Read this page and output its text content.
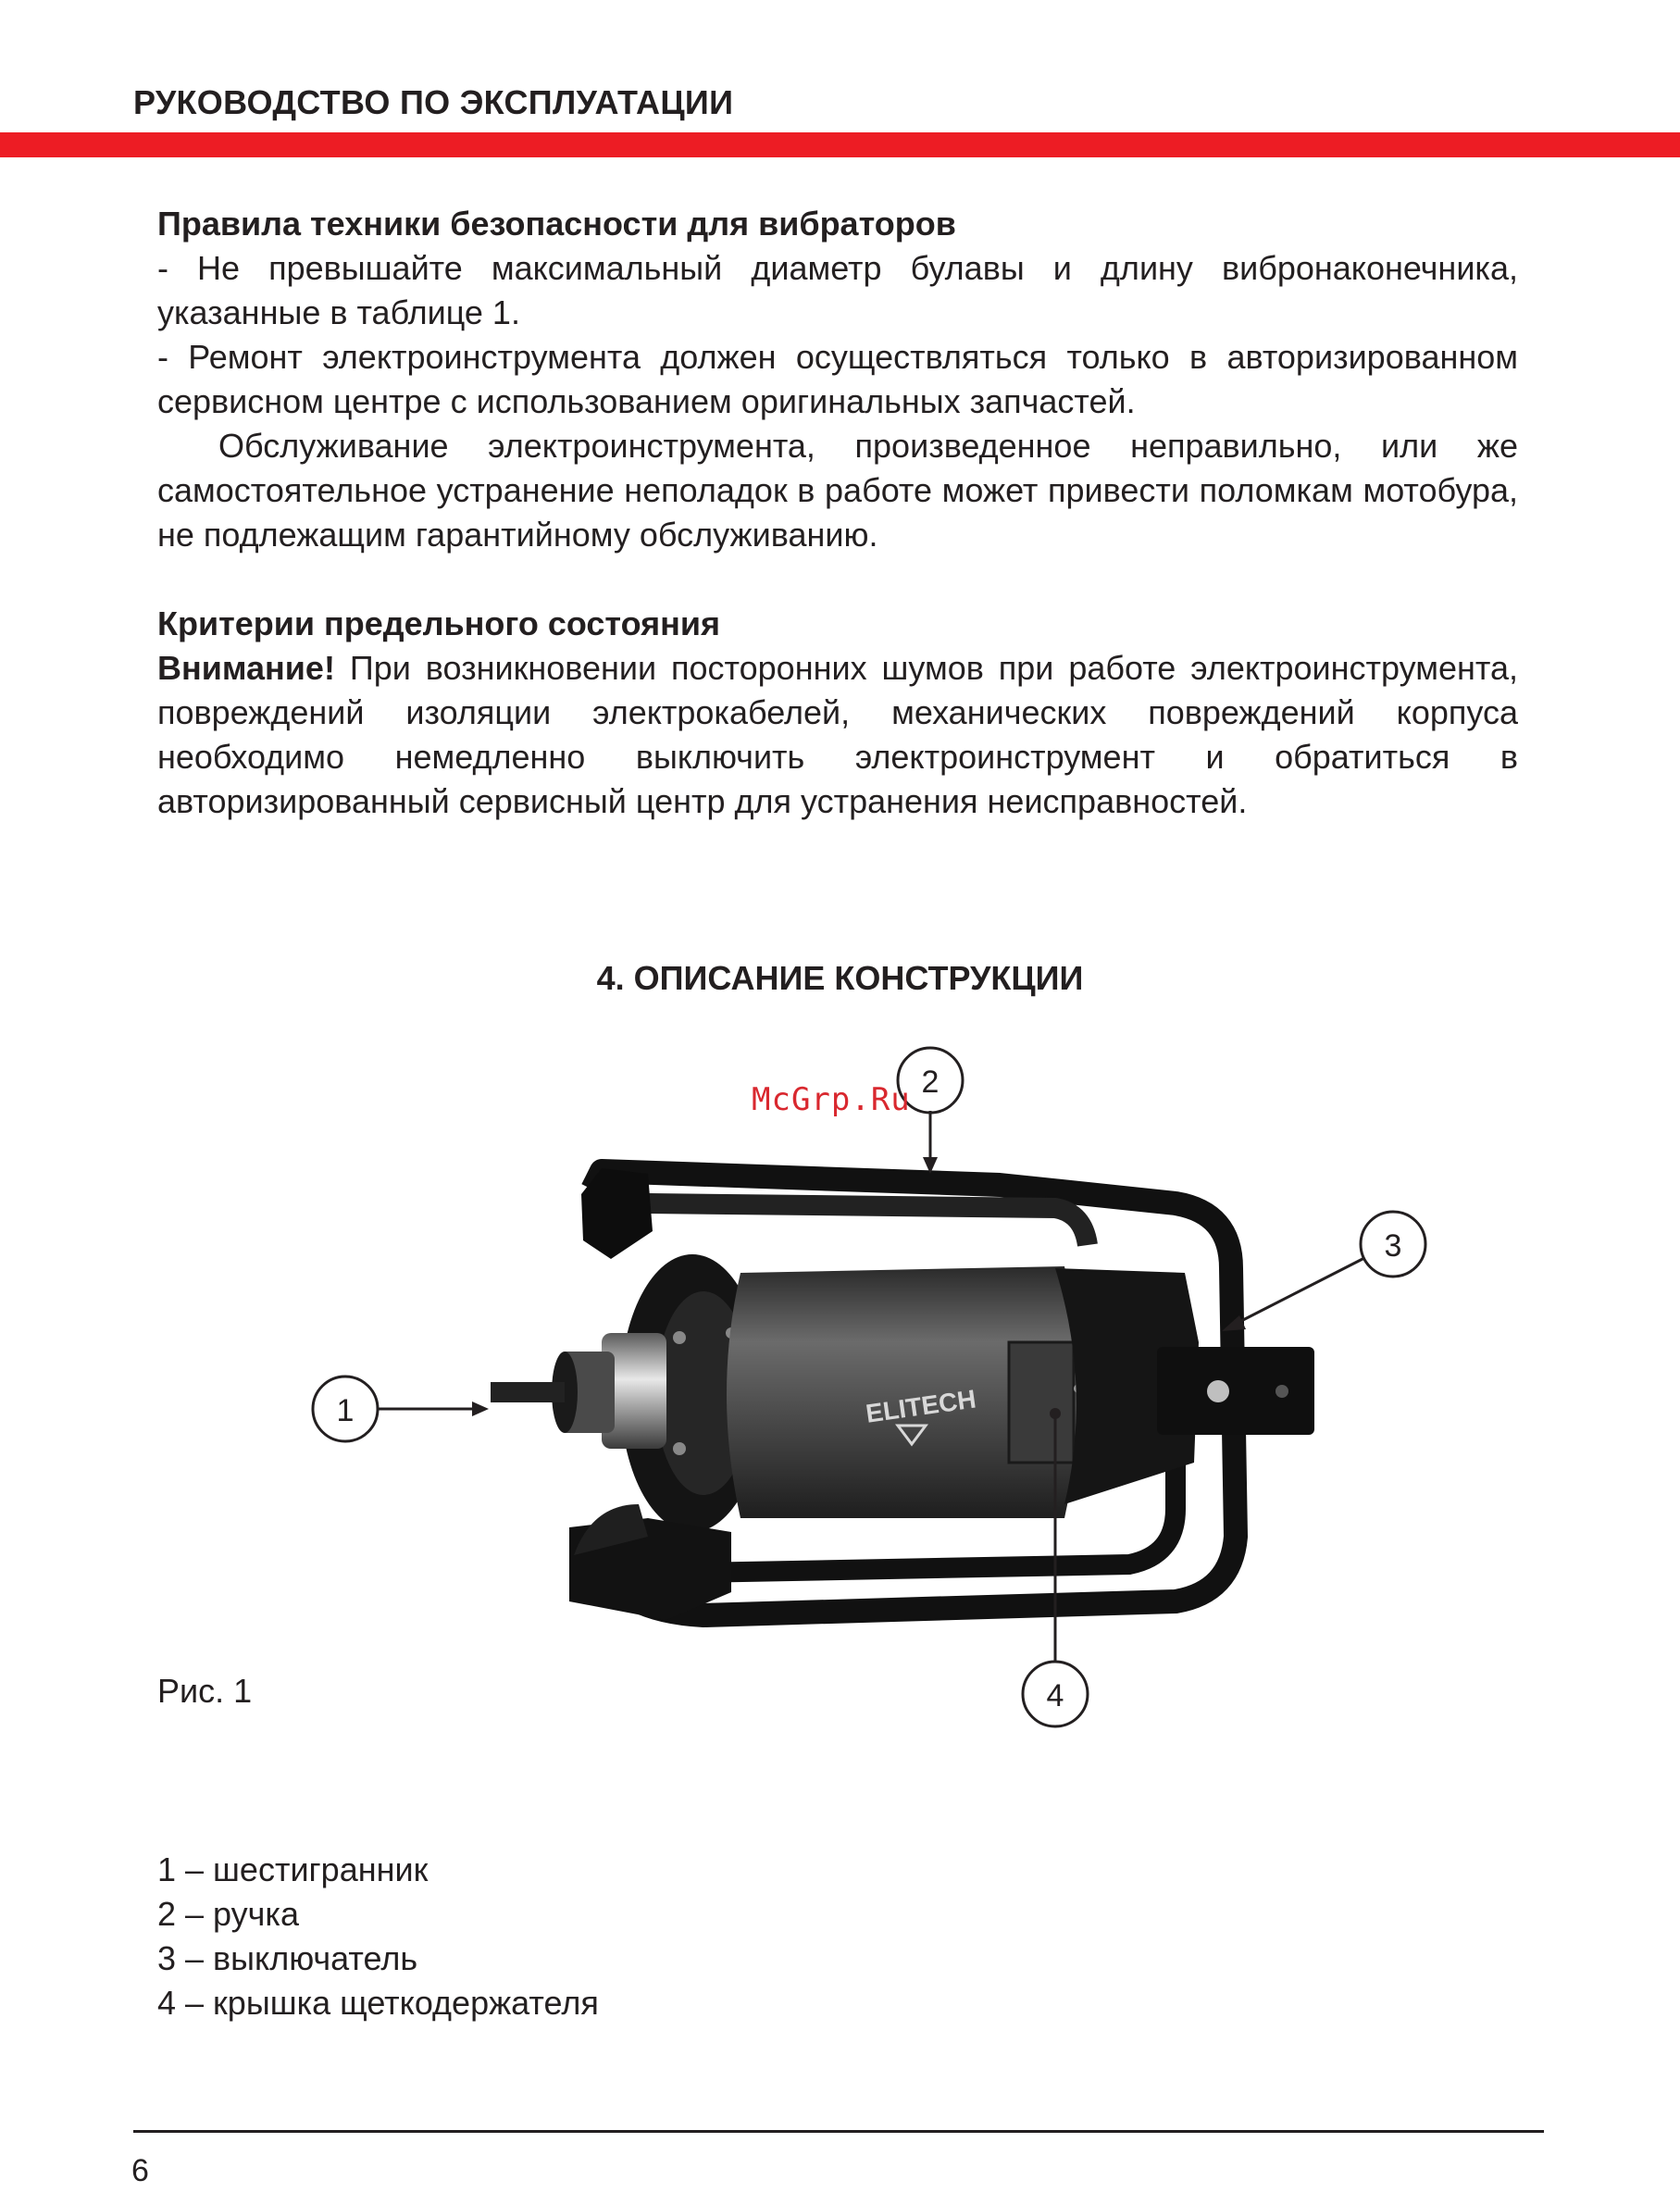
РУКОВОДСТВО ПО ЭКСПЛУАТАЦИИ

Правила техники безопасности для вибраторов

- Не превышайте максимальный диаметр булавы и длину вибронаконечника, указанные в таблице 1.

- Ремонт электроинструмента должен осуществляться только в авторизированном сервисном центре с использованием оригинальных запчастей.

Обслуживание электроинструмента, произведенное неправильно, или же самостоятельное устранение неполадок в работе может привести поломкам мотобура, не подлежащим гарантийному обслуживанию.

Критерии предельного состояния

Внимание! При возникновении посторонних шумов при работе электроинструмента, повреждений изоляции электрокабелей, механических повреждений корпуса необходимо немедленно выключить электроинструмент и обратиться в авторизированный сервисный центр для устранения неисправностей.

4. ОПИСАНИЕ КОНСТРУКЦИИ
ELITECH
1
2
3
4
McGrp.Ru
Рис. 1
1 – шестигранник
2 – ручка
3 – выключатель
4 – крышка щеткодержателя
6
